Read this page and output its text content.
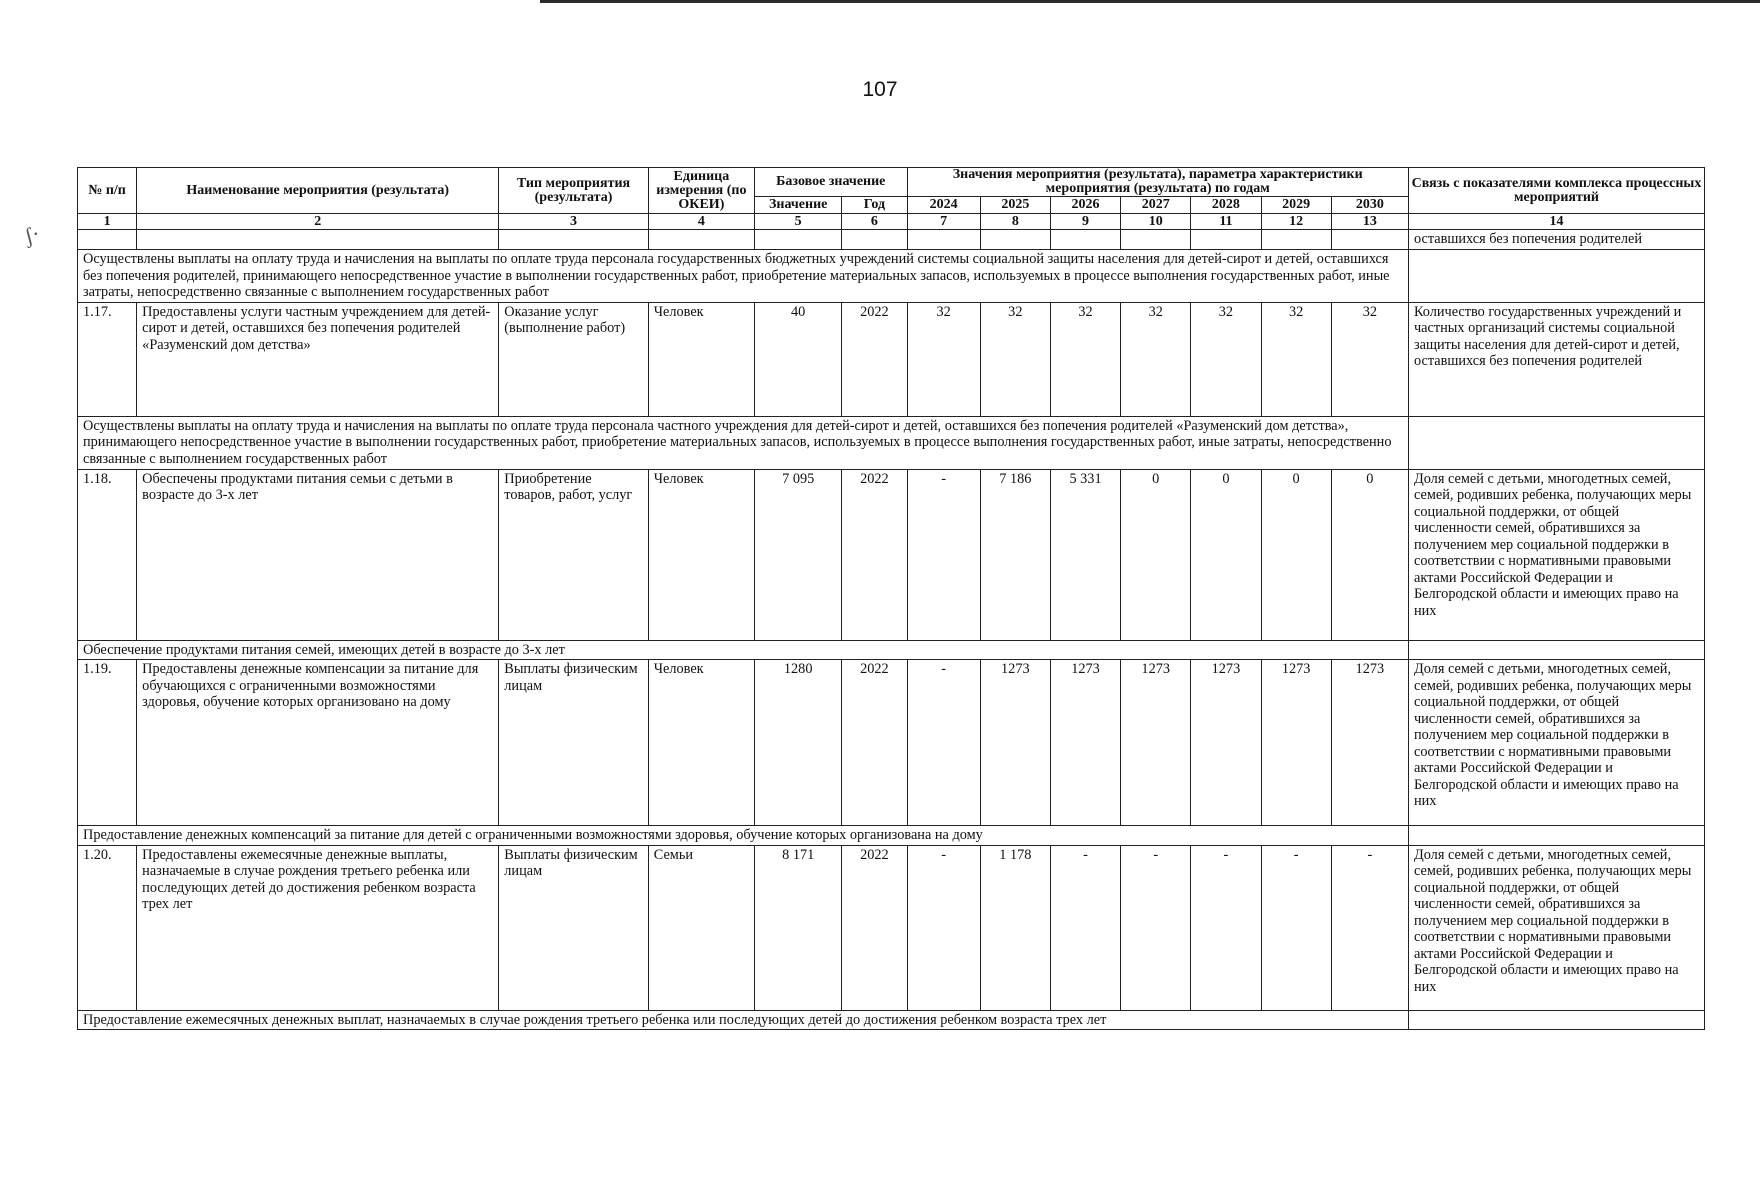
ʃ·
107
№ п/п	Наименование мероприятия (результата)	Тип мероприятия (результата)	Единица измерения (по ОКЕИ)	Базовое значение		Значения мероприятия (результата), параметра характеристики мероприятия (результата) по годам							Связь с показателями комплекса процессных мероприятий
				Значение	Год	2024	2025	2026	2027	2028	2029	2030	
1	2	3	4	5	6	7	8	9	10	11	12	13	14
													оставшихся без попечения родителей
Осуществлены выплаты на оплату труда и начисления на выплаты по оплате труда персонала государственных бюджетных учреждений системы социальной защиты населения для детей-сирот и детей, оставшихся без попечения родителей, принимающего непосредственное участие в выполнении государственных работ, приобретение материальных запасов, используемых в процессе выполнения государственных работ, иные затраты, непосредственно связанные с выполнением государственных работ													
1.17.	Предоставлены услуги частным учреждением для детей-сирот и детей, оставшихся без попечения родителей «Разуменский дом детства»	Оказание услуг (выполнение работ)	Человек	40	2022	32	32	32	32	32	32	32	Количество государственных учреждений и частных организаций системы социальной защиты населения для детей-сирот и детей, оставшихся без попечения родителей
Осуществлены выплаты на оплату труда и начисления на выплаты по оплате труда персонала частного учреждения для детей-сирот и детей, оставшихся без попечения родителей «Разуменский дом детства», принимающего непосредственное участие в выполнении государственных работ, приобретение материальных запасов, используемых в процессе выполнения государственных работ, иные затраты, непосредственно связанные с выполнением государственных работ													
1.18.	Обеспечены продуктами питания семьи с детьми в возрасте до 3-х лет	Приобретение товаров, работ, услуг	Человек	7 095	2022	-	7 186	5 331	0	0	0	0	Доля семей с детьми, многодетных семей, семей, родивших ребенка, получающих меры социальной поддержки, от общей численности семей, обратившихся за получением мер социальной поддержки в соответствии с нормативными правовыми актами Российской Федерации и Белгородской области и имеющих право на них
Обеспечение продуктами питания семей, имеющих детей в возрасте до 3-х лет													
1.19.	Предоставлены денежные компенсации за питание для обучающихся с ограниченными возможностями здоровья, обучение которых организовано на дому	Выплаты физическим лицам	Человек	1280	2022	-	1273	1273	1273	1273	1273	1273	Доля семей с детьми, многодетных семей, семей, родивших ребенка, получающих меры социальной поддержки, от общей численности семей, обратившихся за получением мер социальной поддержки в соответствии с нормативными правовыми актами Российской Федерации и Белгородской области и имеющих право на них
Предоставление денежных компенсаций за питание для детей с ограниченными возможностями здоровья, обучение которых организована на дому													
1.20.	Предоставлены ежемесячные денежные выплаты, назначаемые в случае рождения третьего ребенка или последующих детей до достижения ребенком возраста трех лет	Выплаты физическим лицам	Семьи	8 171	2022	-	1 178	-	-	-	-	-	Доля семей с детьми, многодетных семей, семей, родивших ребенка, получающих меры социальной поддержки, от общей численности семей, обратившихся за получением мер социальной поддержки в соответствии с нормативными правовыми актами Российской Федерации и Белгородской области и имеющих право на них
Предоставление ежемесячных денежных выплат, назначаемых в случае рождения третьего ребенка или последующих детей до достижения ребенком возраста трех лет													
